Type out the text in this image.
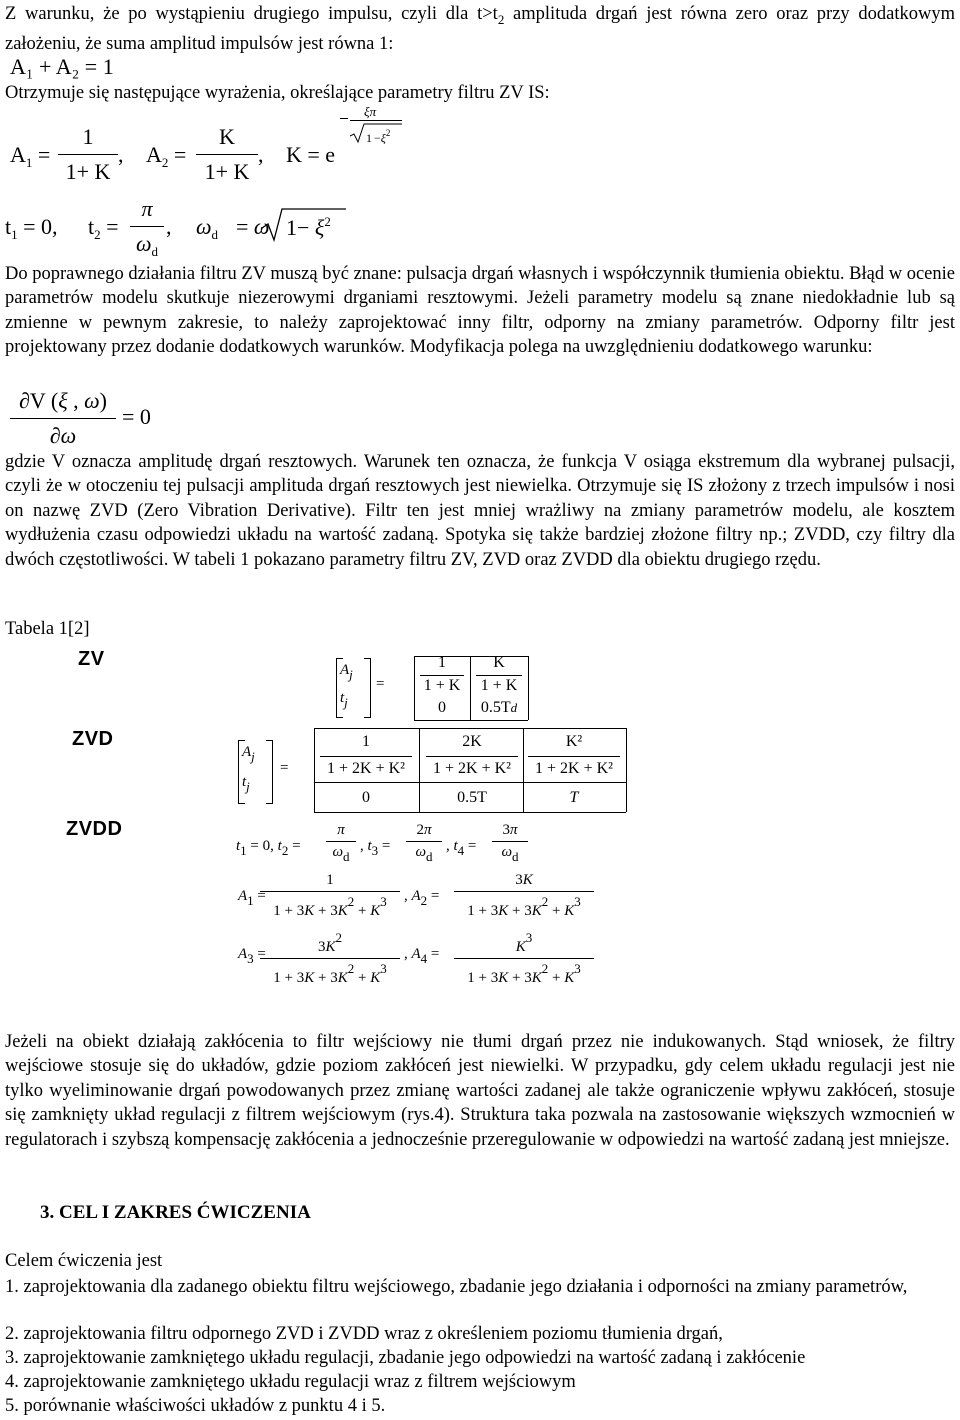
Z warunku, że po wystąpieniu drugiego impulsu, czyli dla $t>t_2$ amplituda drgań jest równa zero oraz przy dodatkowym założeniu, że suma amplitud impulsów jest równa 1:
A₁ + A₂ = 1
Otrzymuje się następujące wyrażenia, określające parametry filtru ZV IS:
$A_1 = \frac{1}{1+ K}$ , $A_2 = \frac{K}{1+ K}$ , K = e
ξπ
$1 -\xi^2$
$t_1 = 0$, $t_2 = \frac{\pi}{\omega_d}$ , $\omega_d = \omega$ $1- \xi^2$
Do poprawnego działania filtru ZV muszą być znane: pulsacja drgań własnych i współczynnik tłumienia obiektu. Błąd w ocenie parametrów modelu skutkuje niezerowymi drganiami resztowymi. Jeżeli parametry modelu są znane niedokładnie lub są zmienne w pewnym zakresie, to należy zaprojektować inny filtr, odporny na zmiany parametrów. Odporny filtr jest projektowany przez dodanie dodatkowych warunków. Modyfikacja polega na uwzględnieniu dodatkowego warunku:
$\frac{\partial V (\xi , \omega)}{\partial\omega} = 0$
gdzie V oznacza amplitudę drgań resztowych. Warunek ten oznacza, że funkcja V osiąga ekstremum dla wybranej pulsacji, czyli że w otoczeniu tej pulsacji amplituda drgań resztowych jest niewielka. Otrzymuje się IS złożony z trzech impulsów i nosi on nazwę ZVD (Zero Vibration Derivative). Filtr ten jest mniej wrażliwy na zmiany parametrów modelu, ale kosztem wydłużenia czasu odpowiedzi układu na wartość zadaną. Spotyka się także bardziej złożone filtry np.; ZVDD, czy filtry dla dwóch częstotliwości. W tabeli 1 pokazano parametry filtru ZV, ZVD oraz ZVDD dla obiektu drugiego rzędu.
Tabela 1[2]
ZV	Aj
tj
=
1	K
1 + K	1 + K
0	0.5T d
ZVD
Aj
tj
=
1	2K	K²
1 + 2K + K²	1 + 2K + K²	1 + 2K + K²
0	0.5T	T
ZVDD
t1 = 0, t2 =
π
ωd
, t3 =
2π
ωd
, t4 =
3π
ωd
A1 =
1
1 + 3K + 3K2 + K3	, A2 =
3K
1 + 3K + 3K2 + K3
A3 =	3K2
1 + 3K + 3K2 + K3
, A4 =	K3
1 + 3K + 3K2 + K3
Jeżeli na obiekt działają zakłócenia to filtr wejściowy nie tłumi drgań przez nie indukowanych. Stąd wniosek, że filtry wejściowe stosuje się do układów, gdzie poziom zakłóceń jest niewielki. W przypadku, gdy celem układu regulacji jest nie tylko wyeliminowanie drgań powodowanych przez zmianę wartości zadanej ale także ograniczenie wpływu zakłóceń, stosuje się zamknięty układ regulacji z filtrem wejściowym (rys.4). Struktura taka pozwala na zastosowanie większych wzmocnień w regulatorach i szybszą kompensację zakłócenia a jednocześnie przeregulowanie w odpowiedzi na wartość zadaną jest mniejsze.
3. CEL I ZAKRES ĆWICZENIA
Celem ćwiczenia jest
1. zaprojektowania dla zadanego obiektu filtru wejściowego, zbadanie jego działania i odporności na zmiany parametrów,
2. zaprojektowania filtru odpornego ZVD i ZVDD wraz z określeniem poziomu tłumienia drgań,
3. zaprojektowanie zamkniętego układu regulacji, zbadanie jego odpowiedzi na wartość zadaną i zakłócenie
4. zaprojektowanie zamkniętego układu regulacji wraz z filtrem wejściowym
5. porównanie właściwości układów z punktu 4 i 5.
